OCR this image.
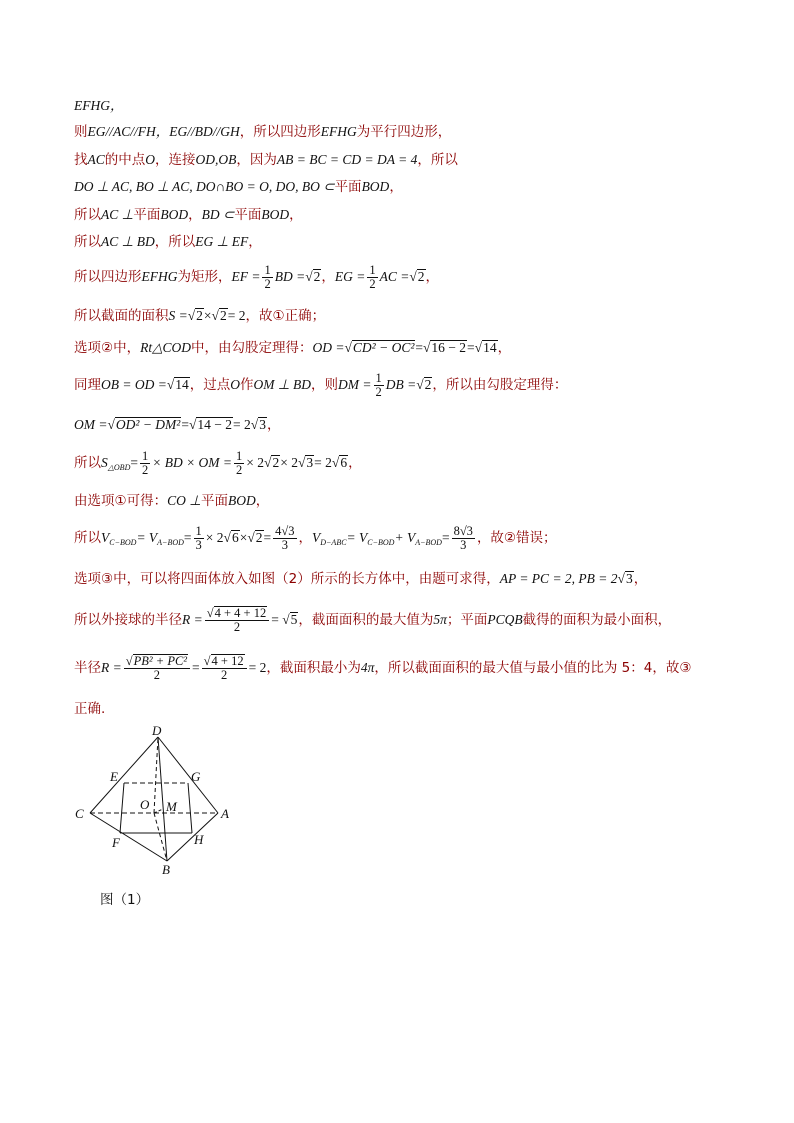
EFHG，
则EG//AC//FH，EG//BD//GH，所以四边形EFHG为平行四边形，
找AC的中点O，连接OD,OB，因为AB = BC = CD = DA = 4，所以
DO ⊥ AC, BO ⊥ AC, DO∩BO = O, DO, BO ⊂平面BOD，
所以AC ⊥平面BOD，BD ⊂平面BOD，
所以AC ⊥ BD，所以EG ⊥ EF，
所以四边形EFHG为矩形，EF = $\frac{1}{2}$ BD =√2，EG = $\frac{1}{2}$ AC =√2，
所以截面的面积S =√2×√2= 2，故①正确；
选项②中，Rt△COD中，由勾股定理得：OD =√CD² − OC²=√16 − 2=√14，
同理OB = OD =√14，过点O作OM ⊥ BD，则DM = $\frac{1}{2}$ DB =√2，所以由勾股定理得：
OM =√OD² − DM²=√14 − 2= 2√3，
所以$S_{\triangle OBD}= \frac{1}{2}$ × BD × OM = $\frac{1}{2} \times 2√2\times 2√3= 2√6$，
由选项①可得：CO ⊥平面BOD，
所以$V_{C-BOD}= V_{A-BOD}= \frac{1}{3} \times 2√6\times√2= \frac{4√3}{3}$ ，$V_{D-ABC}= V_{C-BOD}+ V_{A-BOD}= \frac{8√3}{3}$ ，故②错误；
选项③中，可以将四面体放入如图（2）所示的长方体中，由题可求得，AP = PC = 2, PB = 2√3，
所以外接球的半径$R = \frac{√4 + 4 + 12}{2} = √5$，截面面积的最大值为5π；平面PCQB截得的面积为最小面积，
半径$R = \frac{\text{√PB² + PC²}}{2} = \frac{√4 + 12}{2} = 2$，截面积最小为4π，所以截面面积的最大值与最小值的比为 5：4，故③
正确.
D
E	G
C
O M	A
F	H
B
图（1）
